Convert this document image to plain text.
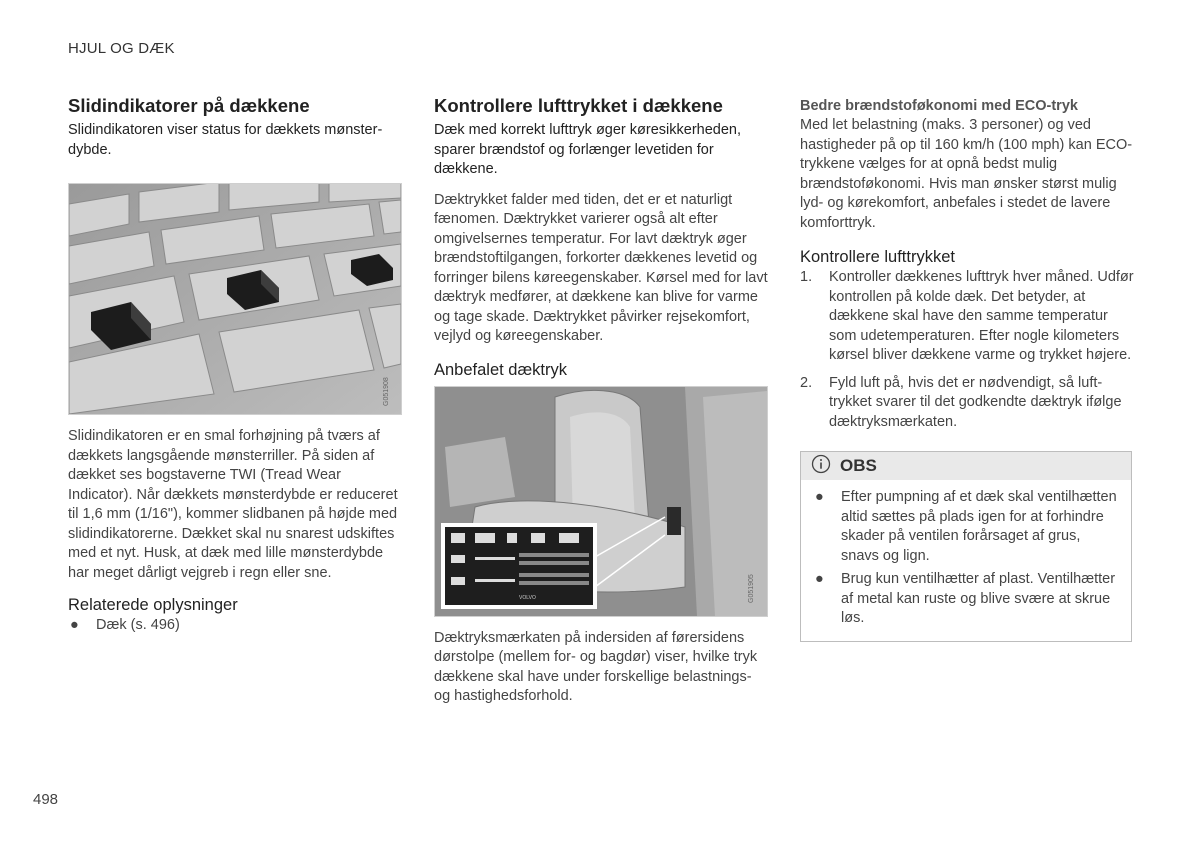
HJUL OG DÆK
Slidindikatorer på dækkene

Slidindikatoren viser status for dækkets mønsterdybde.

G051908

Slidindikatoren er en smal forhøjning på tværs af dækkets langsgående mønsterriller. På siden af dækket ses bogstaverne TWI (Tread Wear Indicator). Når dækkets mønsterdybde er reduceret til 1,6 mm (1/16"), kommer slidbanen på højde med slidindikatorerne. Dækket skal nu snarest udskiftes med et nyt. Husk, at dæk med lille mønsterdybde har meget dårligt vejgreb i regn eller sne.

Relaterede oplysninger
● Dæk (s. 496)
Kontrollere lufttrykket i dækkene

Dæk med korrekt lufttryk øger køresikkerheden, sparer brændstof og forlænger levetiden for dækkene.

Dæktrykket falder med tiden, det er et naturligt fænomen. Dæktrykket varierer også alt efter omgivelsernes temperatur. For lavt dæktryk øger brændstoftilgangen, forkorter dækkenes levetid og forringer bilens køreegenskaber. Kørsel med for lavt dæktryk medfører, at dækkene kan blive for varme og tage skade. Dæktrykket påvirker rejsekomfort, vejlyd og køreegenskaber.

Anbefalet dæktryk
VOLVO	G051905

Dæktryksmærkaten på indersiden af førersidens dørstolpe (mellem for- og bagdør) viser, hvilke tryk dækkene skal have under forskellige belastnings- og hastighedsforhold.

Bedre brændstoføkonomi med ECO-tryk

Med let belastning (maks. 3 personer) og ved hastigheder på op til 160 km/h (100 mph) kan ECO-trykkene vælges for at opnå bedst mulig brændstoføkonomi. Hvis man ønsker størst mulig lyd- og kørekomfort, anbefales i stedet de lavere komforttryk.

Kontrollere lufttrykket
1. Kontroller dækkenes lufttryk hver måned. Udfør kontrollen på kolde dæk. Det betyder, at dækkene skal have den samme temperatur som udetemperaturen. Efter nogle kilometers kørsel bliver dækkene varme og trykket højere.
2. Fyld luft på, hvis det er nødvendigt, så lufttrykket svarer til det godkendte dæktryk ifølge dæktryksmærkaten.
OBS
● Efter pumpning af et dæk skal ventilhætten altid sættes på plads igen for at forhindre skader på ventilen forårsaget af grus, snavs og lign.
● Brug kun ventilhætter af plast. Ventilhætter af metal kan ruste og blive svære at skrue løs.
498
